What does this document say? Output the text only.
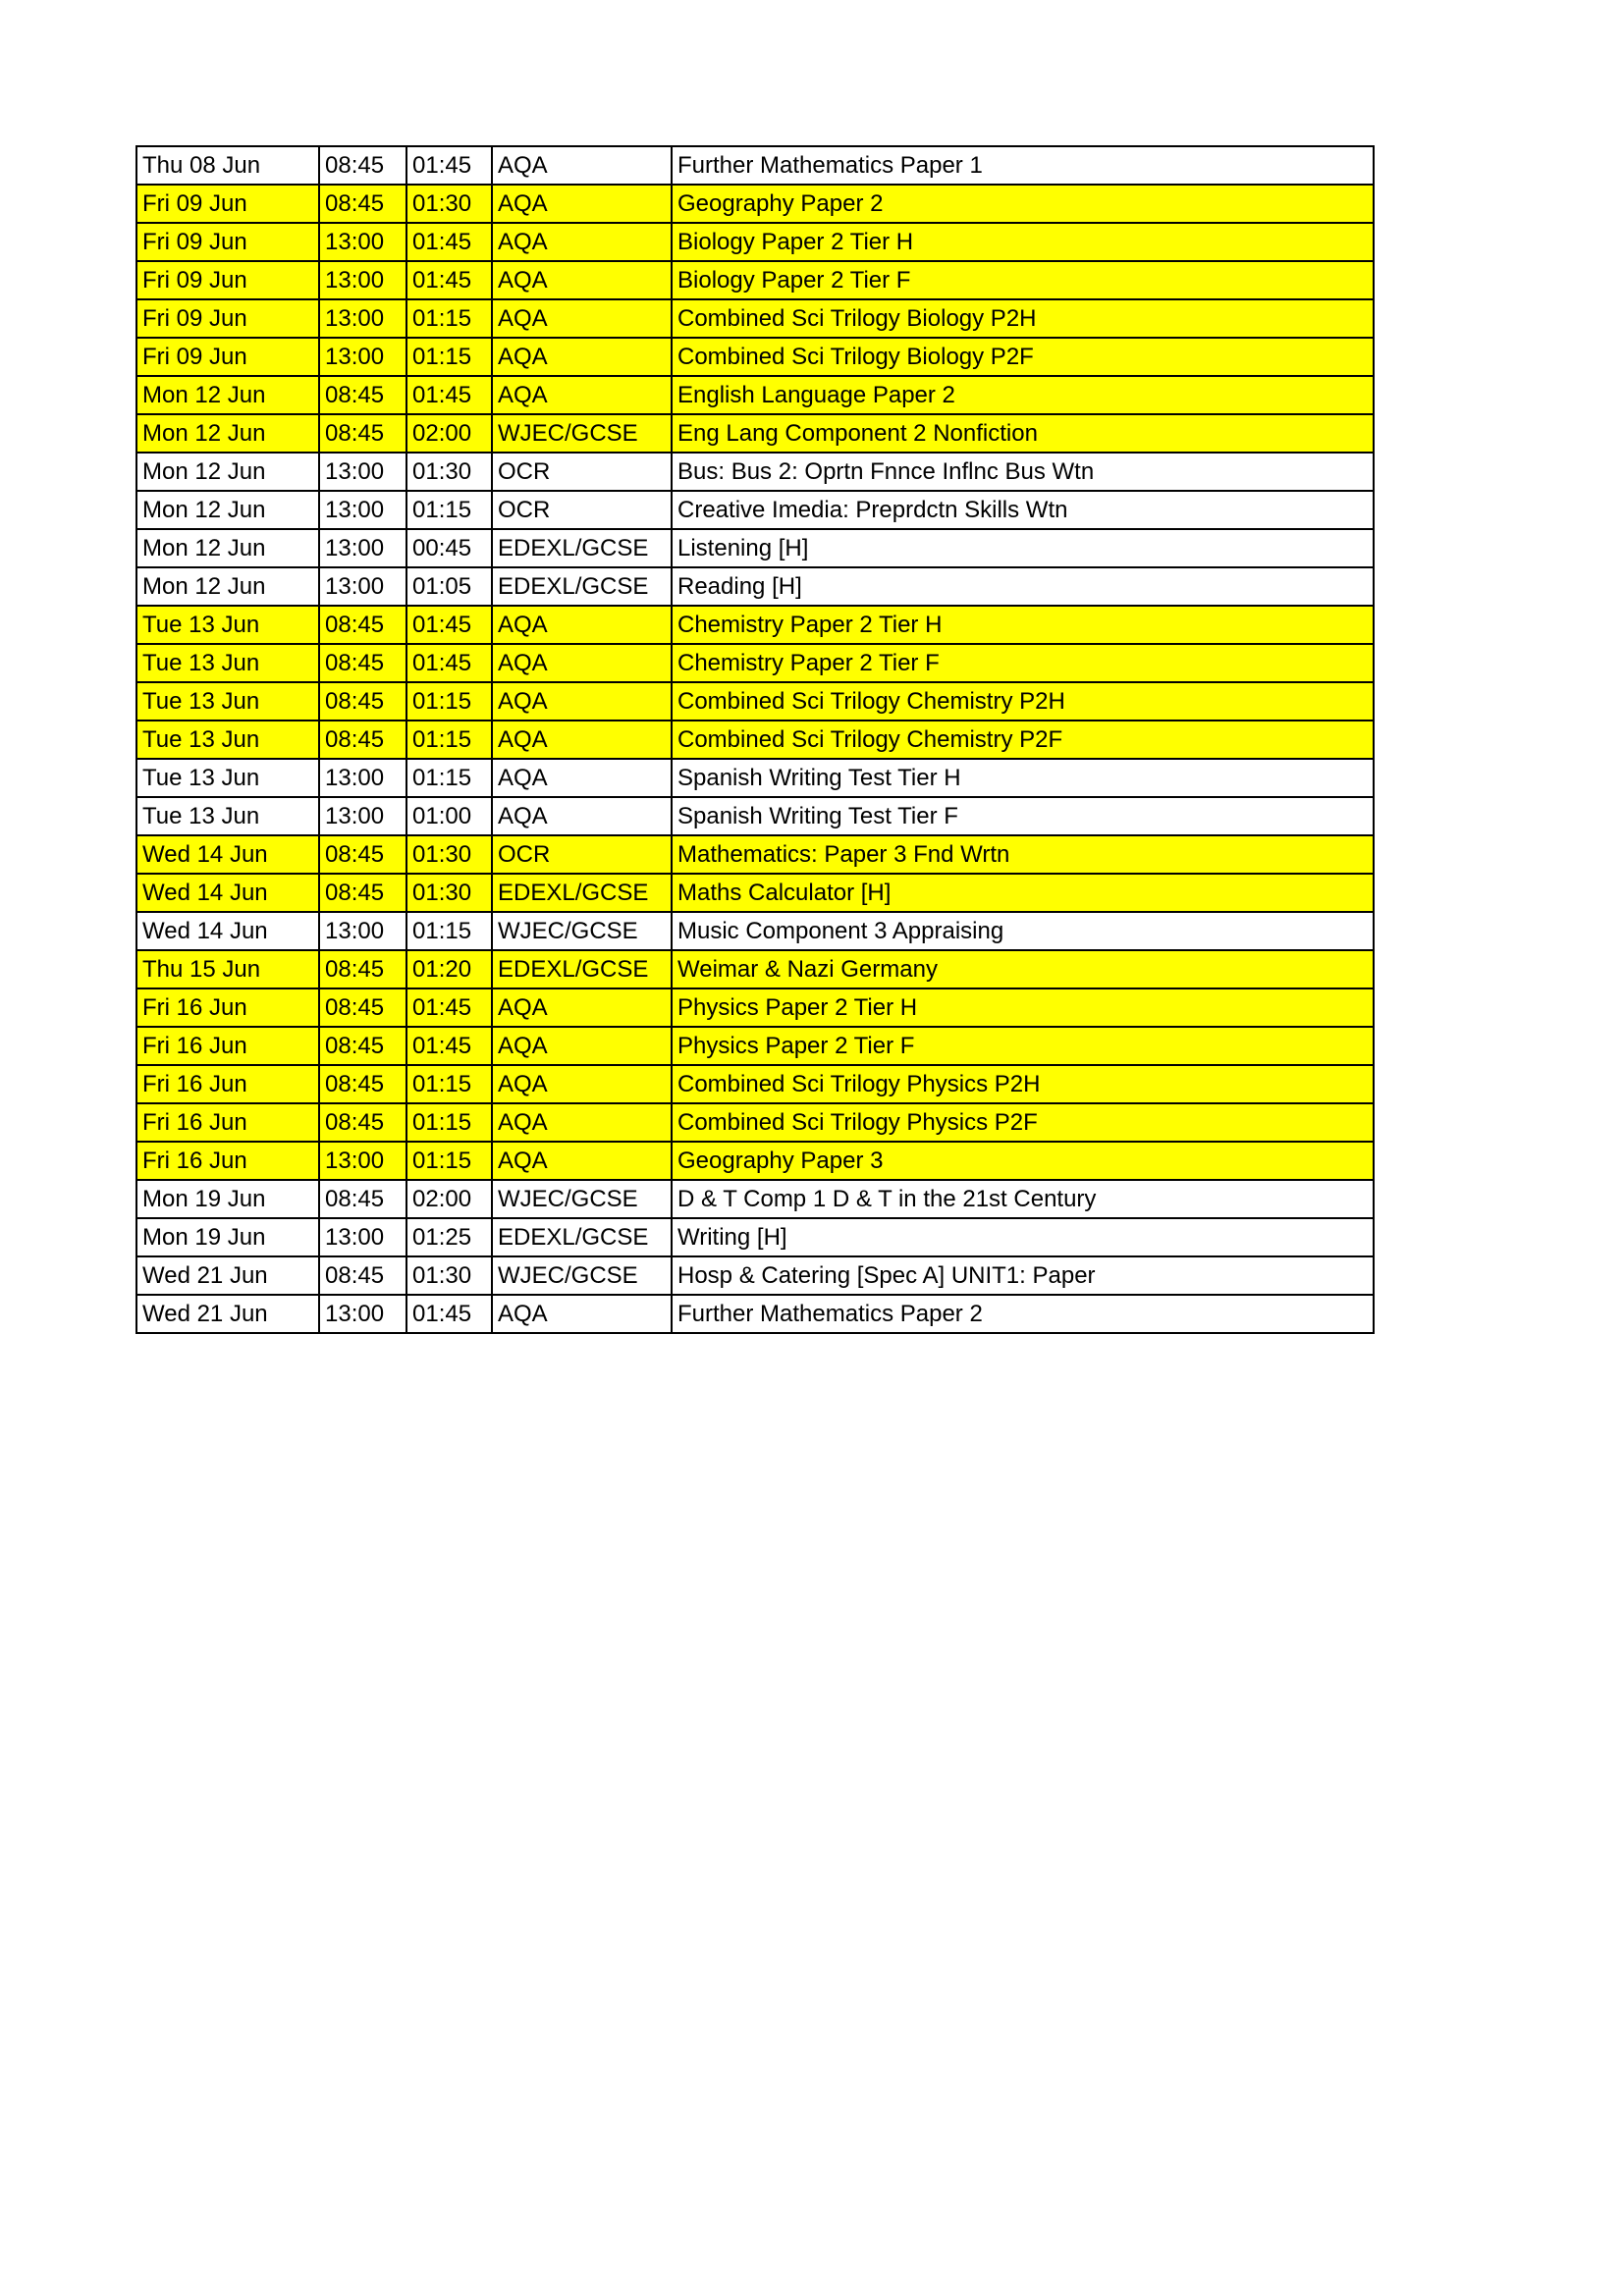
Thu 08 Jun	08:45	01:45	AQA	Further Mathematics Paper 1
Fri 09 Jun	08:45	01:30	AQA	Geography Paper 2
Fri 09 Jun	13:00	01:45	AQA	Biology Paper 2 Tier H
Fri 09 Jun	13:00	01:45	AQA	Biology Paper 2 Tier F
Fri 09 Jun	13:00	01:15	AQA	Combined Sci Trilogy Biology P2H
Fri 09 Jun	13:00	01:15	AQA	Combined Sci Trilogy Biology P2F
Mon 12 Jun	08:45	01:45	AQA	English Language Paper 2
Mon 12 Jun	08:45	02:00	WJEC/GCSE	Eng Lang Component 2 Nonfiction
Mon 12 Jun	13:00	01:30	OCR	Bus: Bus 2: Oprtn Fnnce Inflnc Bus Wtn
Mon 12 Jun	13:00	01:15	OCR	Creative Imedia: Preprdctn Skills Wtn
Mon 12 Jun	13:00	00:45	EDEXL/GCSE	Listening [H]
Mon 12 Jun	13:00	01:05	EDEXL/GCSE	Reading [H]
Tue 13 Jun	08:45	01:45	AQA	Chemistry Paper 2 Tier H
Tue 13 Jun	08:45	01:45	AQA	Chemistry Paper 2 Tier F
Tue 13 Jun	08:45	01:15	AQA	Combined Sci Trilogy Chemistry P2H
Tue 13 Jun	08:45	01:15	AQA	Combined Sci Trilogy Chemistry P2F
Tue 13 Jun	13:00	01:15	AQA	Spanish Writing Test Tier H
Tue 13 Jun	13:00	01:00	AQA	Spanish Writing Test Tier F
Wed 14 Jun	08:45	01:30	OCR	Mathematics: Paper 3 Fnd Wrtn
Wed 14 Jun	08:45	01:30	EDEXL/GCSE	Maths Calculator [H]
Wed 14 Jun	13:00	01:15	WJEC/GCSE	Music Component 3 Appraising
Thu 15 Jun	08:45	01:20	EDEXL/GCSE	Weimar & Nazi Germany
Fri 16 Jun	08:45	01:45	AQA	Physics Paper 2 Tier H
Fri 16 Jun	08:45	01:45	AQA	Physics Paper 2 Tier F
Fri 16 Jun	08:45	01:15	AQA	Combined Sci Trilogy Physics P2H
Fri 16 Jun	08:45	01:15	AQA	Combined Sci Trilogy Physics P2F
Fri 16 Jun	13:00	01:15	AQA	Geography Paper 3
Mon 19 Jun	08:45	02:00	WJEC/GCSE	D & T Comp 1 D & T in the 21st Century
Mon 19 Jun	13:00	01:25	EDEXL/GCSE	Writing [H]
Wed 21 Jun	08:45	01:30	WJEC/GCSE	Hosp & Catering [Spec A] UNIT1: Paper
Wed 21 Jun	13:00	01:45	AQA	Further Mathematics Paper 2
